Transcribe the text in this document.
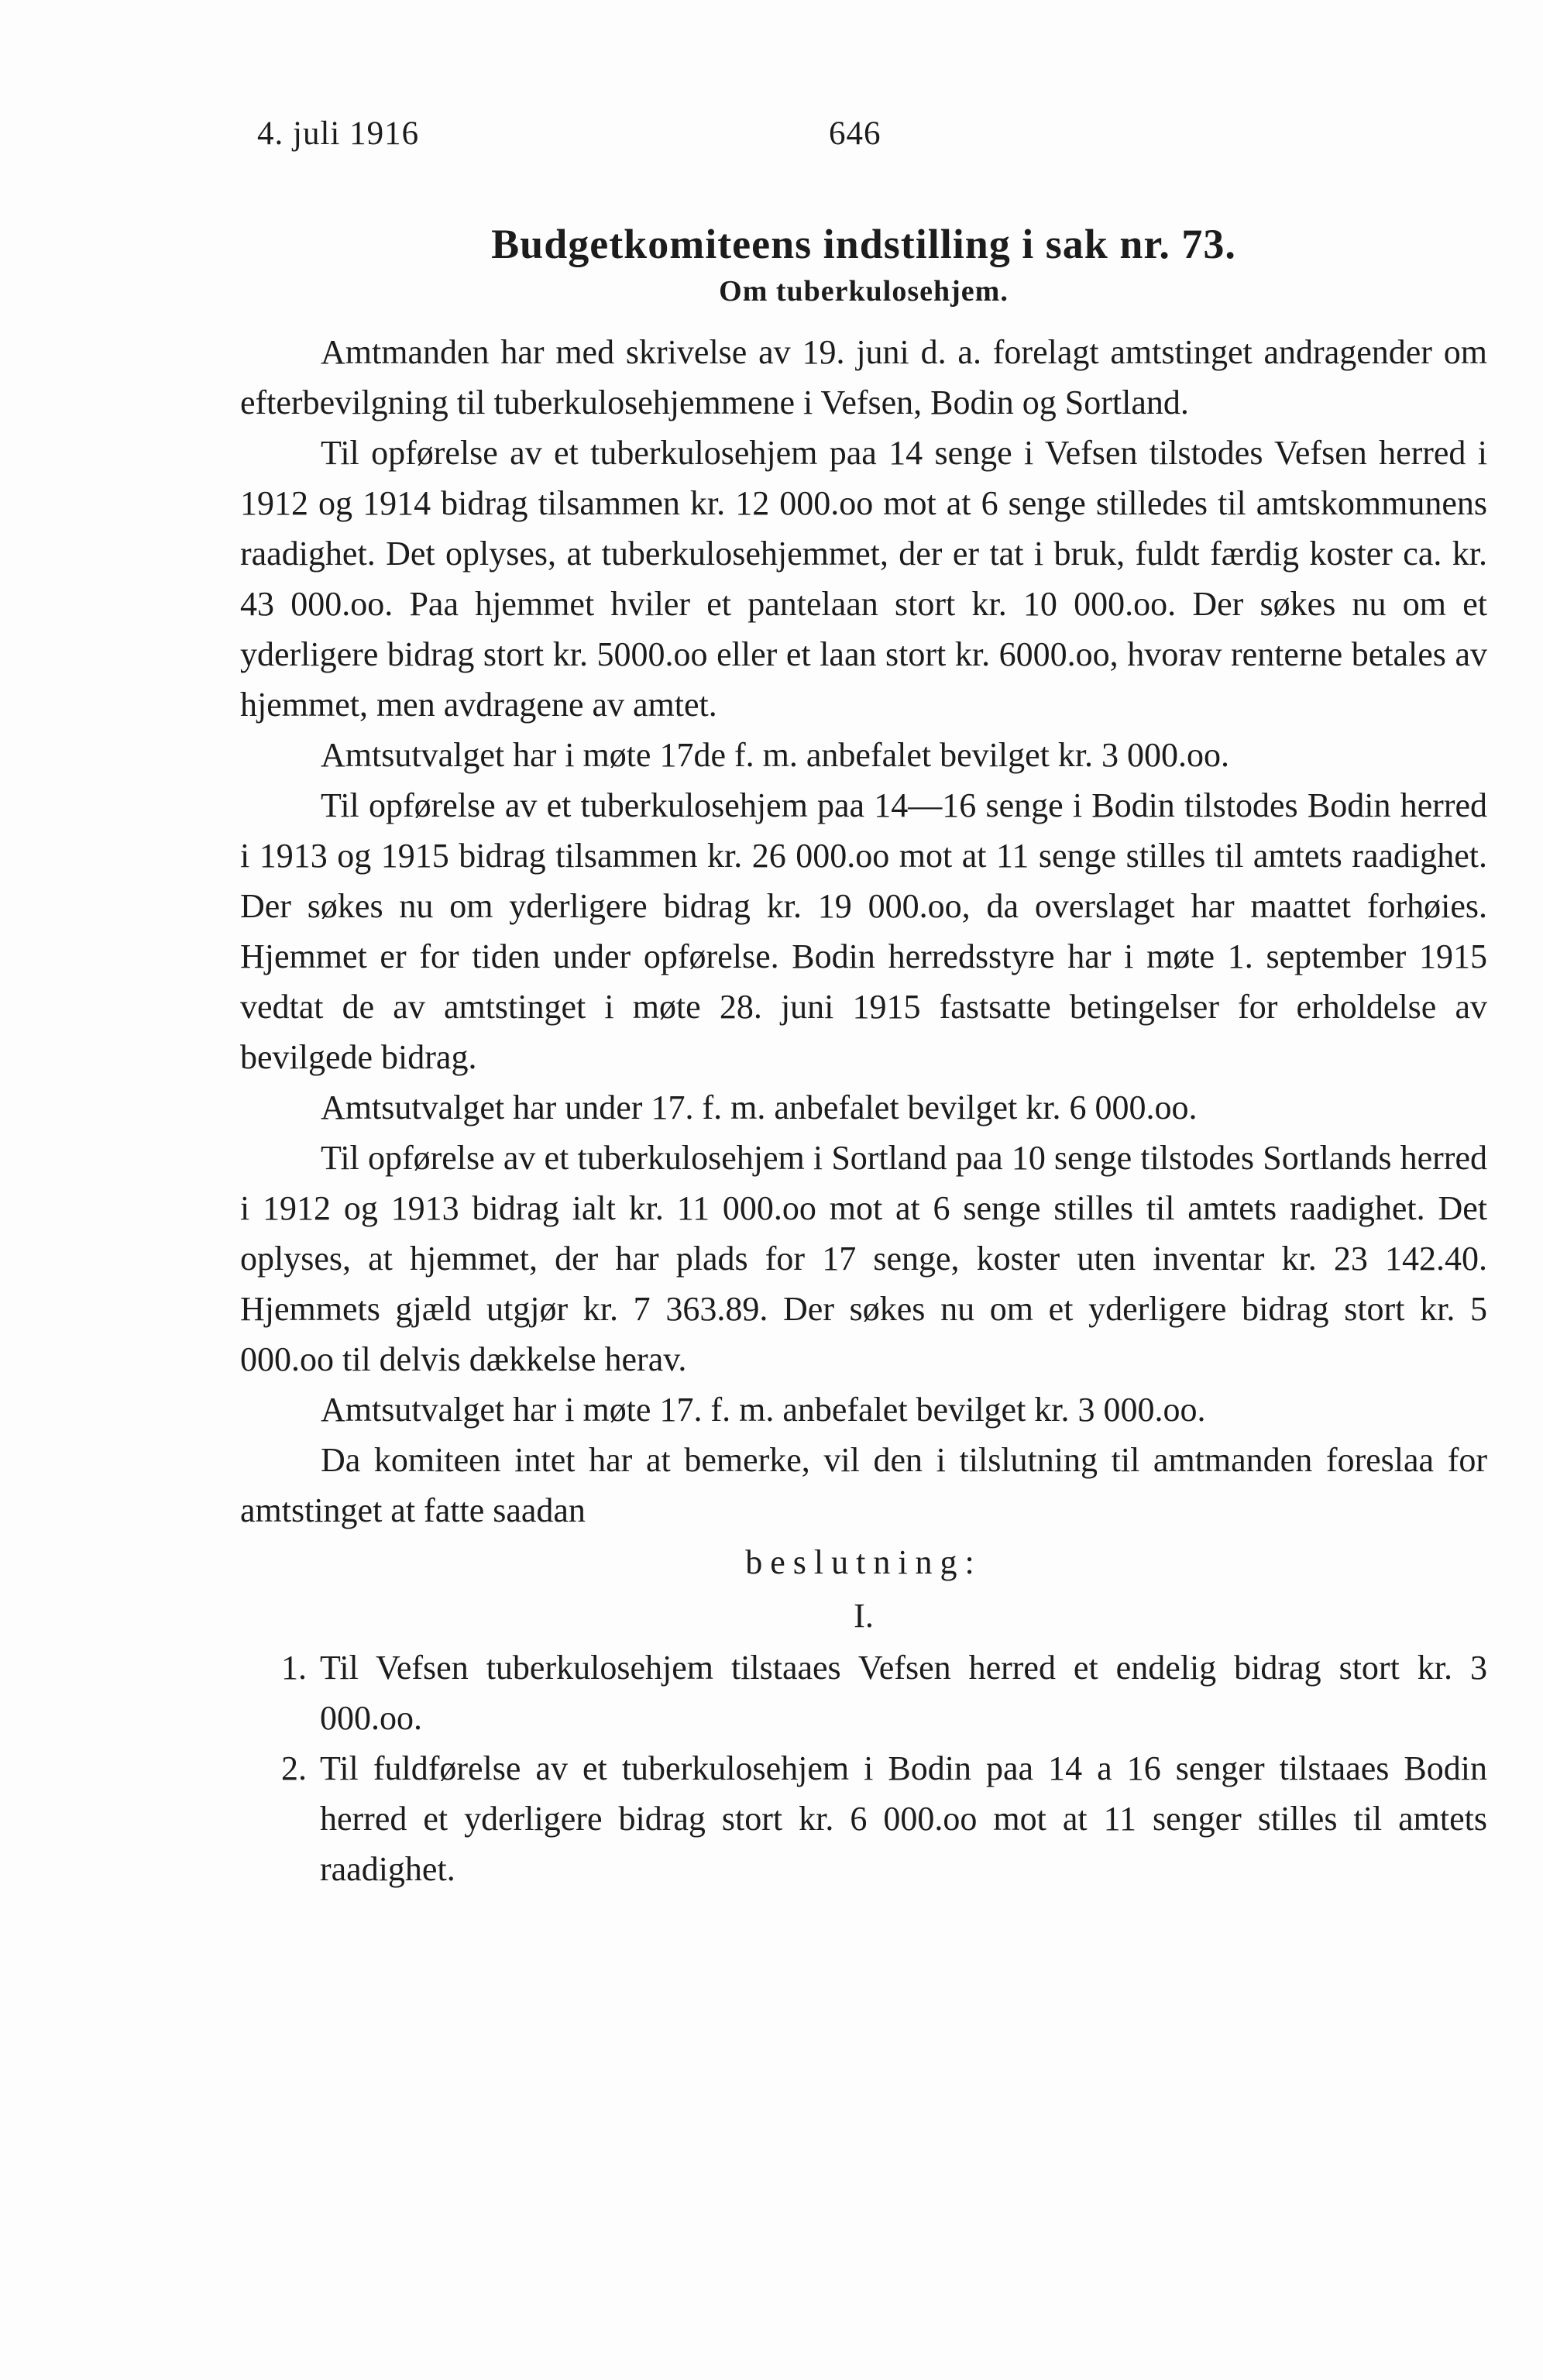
4. juli 1916	646
Budgetkomiteens indstilling i sak nr. 73.
Om tuberkulosehjem.

Amtmanden har med skrivelse av 19. juni d. a. forelagt amtstinget andragender om efterbevilgning til tuberkulosehjemmene i Vefsen, Bodin og Sortland.

Til opførelse av et tuberkulosehjem paa 14 senge i Vefsen tilstodes Vefsen herred i 1912 og 1914 bidrag tilsammen kr. 12 000.oo mot at 6 senge stilledes til amtskommunens raadighet. Det oplyses, at tuberkulosehjemmet, der er tat i bruk, fuldt færdig koster ca. kr. 43 000.oo. Paa hjemmet hviler et pantelaan stort kr. 10 000.oo. Der søkes nu om et yderligere bidrag stort kr. 5000.oo eller et laan stort kr. 6000.oo, hvorav renterne betales av hjemmet, men avdragene av amtet.

Amtsutvalget har i møte 17de f. m. anbefalet bevilget kr. 3 000.oo.

Til opførelse av et tuberkulosehjem paa 14—16 senge i Bodin tilstodes Bodin herred i 1913 og 1915 bidrag tilsammen kr. 26 000.oo mot at 11 senge stilles til amtets raadighet. Der søkes nu om yderligere bidrag kr. 19 000.oo, da overslaget har maattet forhøies. Hjemmet er for tiden under opførelse. Bodin herredsstyre har i møte 1. september 1915 vedtat de av amtstinget i møte 28. juni 1915 fastsatte betingelser for erholdelse av bevilgede bidrag.

Amtsutvalget har under 17. f. m. anbefalet bevilget kr. 6 000.oo.

Til opførelse av et tuberkulosehjem i Sortland paa 10 senge tilstodes Sortlands herred i 1912 og 1913 bidrag ialt kr. 11 000.oo mot at 6 senge stilles til amtets raadighet. Det oplyses, at hjemmet, der har plads for 17 senge, koster uten inventar kr. 23 142.40. Hjemmets gjæld utgjør kr. 7 363.89. Der søkes nu om et yderligere bidrag stort kr. 5 000.oo til delvis dækkelse herav.

Amtsutvalget har i møte 17. f. m. anbefalet bevilget kr. 3 000.oo.

Da komiteen intet har at bemerke, vil den i tilslutning til amtmanden foreslaa for amtstinget at fatte saadan

beslutning:
I.
1. Til Vefsen tuberkulosehjem tilstaaes Vefsen herred et endelig bidrag stort kr. 3 000.oo.
2. Til fuldførelse av et tuberkulosehjem i Bodin paa 14 a 16 senger tilstaaes Bodin herred et yderligere bidrag stort kr. 6 000.oo mot at 11 senger stilles til amtets raadighet.
